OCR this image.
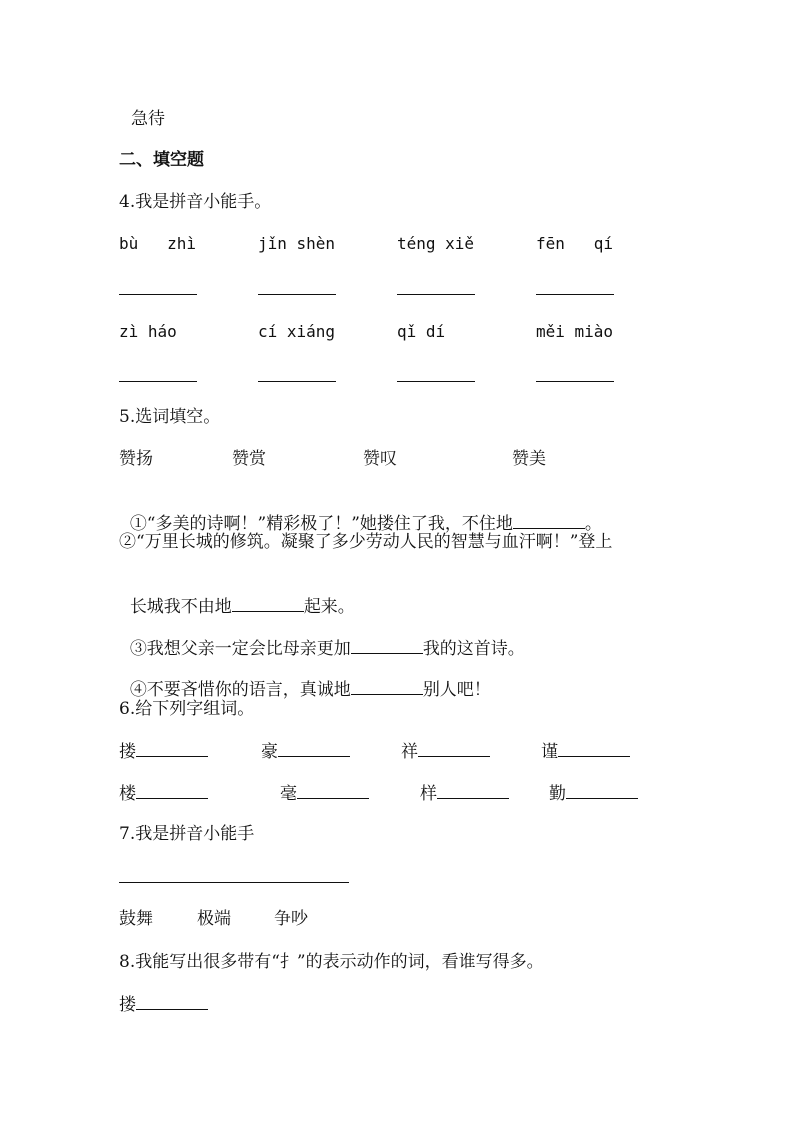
急待
二、填空题
4.我是拼音小能手。
bù   zhì	jǐn shèn	téng xiě	fēn   qí
zì háo	cí xiáng	qǐ dí	měi miào
5.选词填空。
赞扬	赞赏	赞叹	赞美

①“多美的诗啊！”精彩极了！”她搂住了我，不住地	。

②“万里长城的修筑。凝聚了多少劳动人民的智慧与血汗啊！”登上

长城我不由地	起来。

③我想父亲一定会比母亲更加	我的这首诗。

④不要吝惜你的语言，真诚地	别人吧！

6.给下列字组词。
搂	豪	祥	谨
楼	毫	样	勤
7.我是拼音小能手
鼓舞	极端	争吵
8.我能写出很多带有“扌”的表示动作的词，看谁写得多。
搂
